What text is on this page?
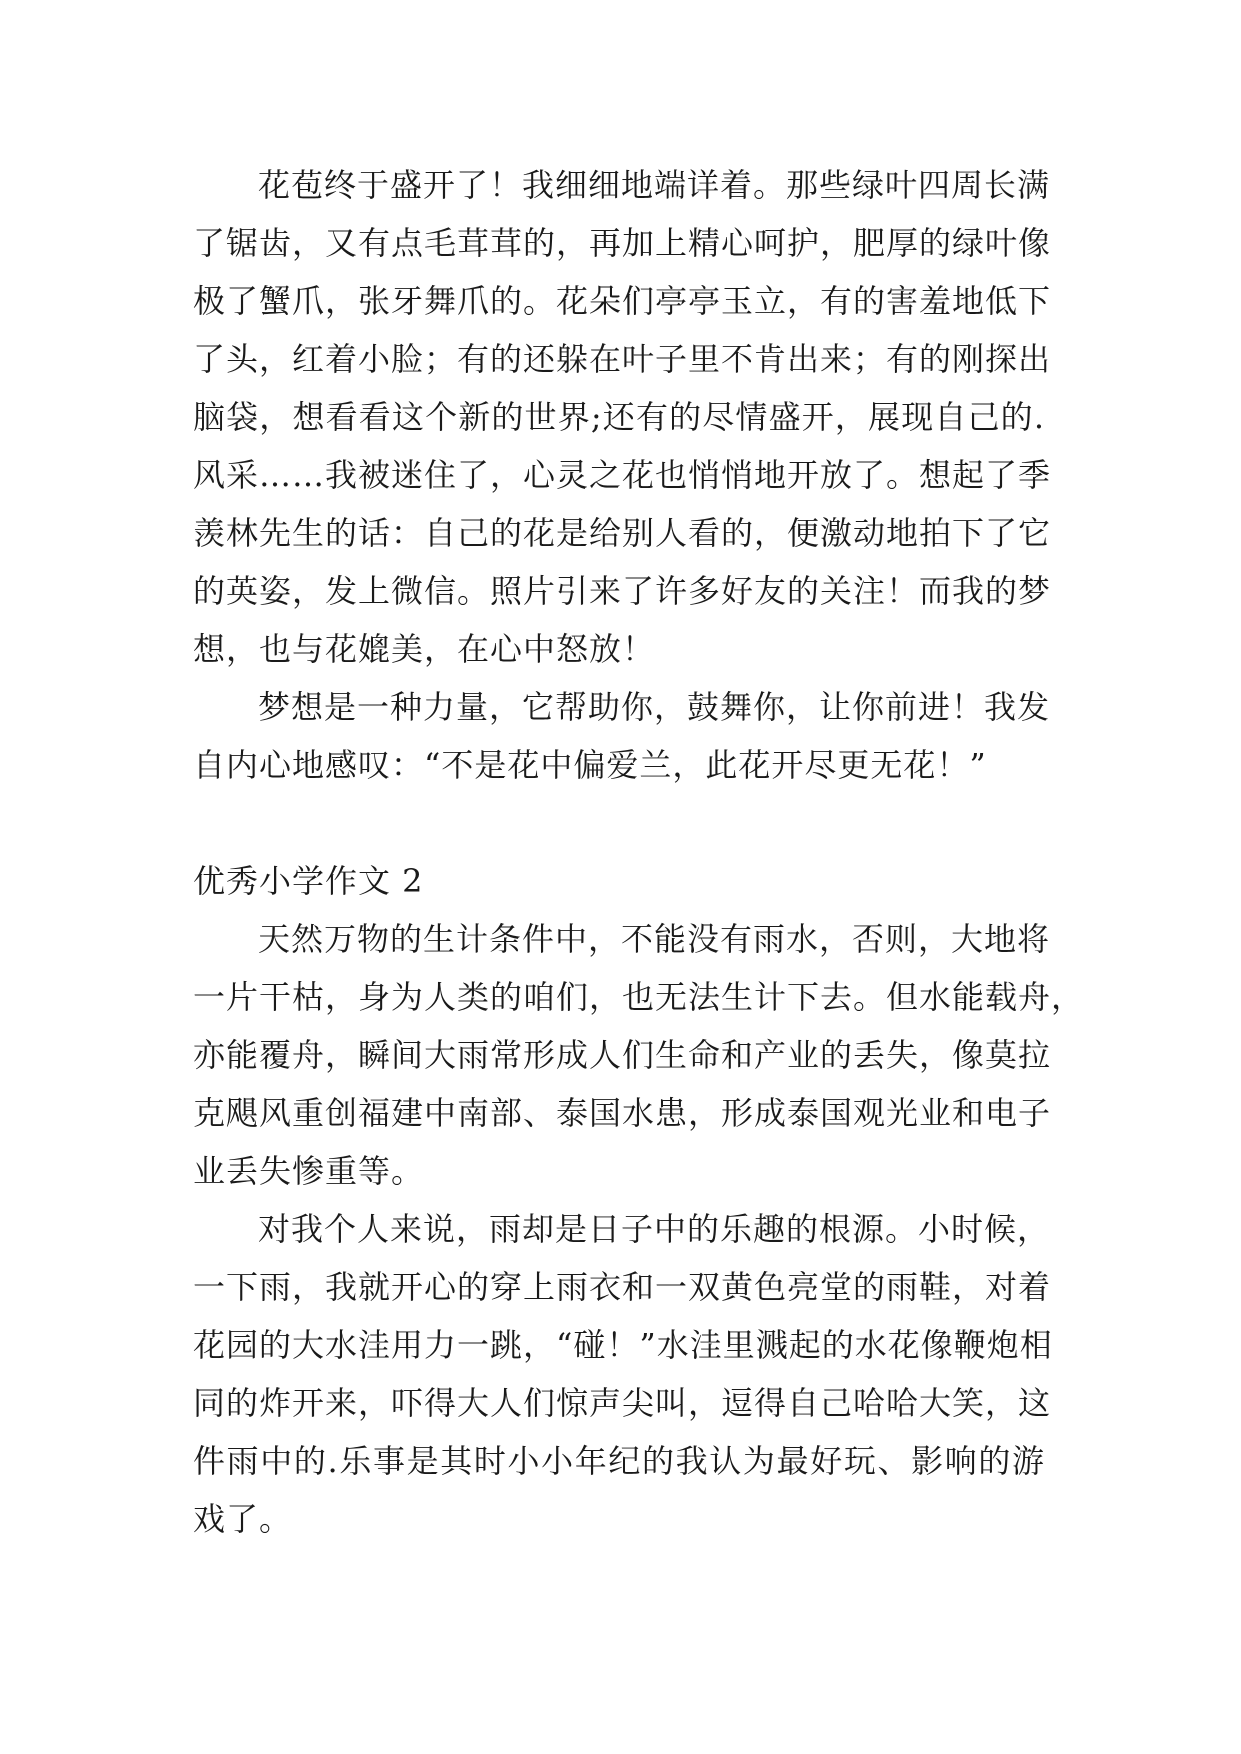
花苞终于盛开了！我细细地端详着。那些绿叶四周长满
了锯齿，又有点毛茸茸的，再加上精心呵护，肥厚的绿叶像
极了蟹爪，张牙舞爪的。花朵们亭亭玉立，有的害羞地低下
了头，红着小脸；有的还躲在叶子里不肯出来；有的刚探出
脑袋，想看看这个新的世界;还有的尽情盛开，展现自己的.
风采……我被迷住了，心灵之花也悄悄地开放了。想起了季
羡林先生的话：自己的花是给别人看的，便激动地拍下了它
的英姿，发上微信。照片引来了许多好友的关注！而我的梦
想，也与花媲美，在心中怒放！
梦想是一种力量，它帮助你，鼓舞你，让你前进！我发
自内心地感叹：“不是花中偏爱兰，此花开尽更无花！”
优秀小学作文 2
天然万物的生计条件中，不能没有雨水，否则，大地将
一片干枯，身为人类的咱们，也无法生计下去。但水能载舟，
亦能覆舟，瞬间大雨常形成人们生命和产业的丢失，像莫拉
克飓风重创福建中南部、泰国水患，形成泰国观光业和电子
业丢失惨重等。
对我个人来说，雨却是日子中的乐趣的根源。小时候，
一下雨，我就开心的穿上雨衣和一双黄色亮堂的雨鞋，对着
花园的大水洼用力一跳，“碰！”水洼里溅起的水花像鞭炮相
同的炸开来，吓得大人们惊声尖叫，逗得自己哈哈大笑，这
件雨中的.乐事是其时小小年纪的我认为最好玩、影响的游
戏了。
